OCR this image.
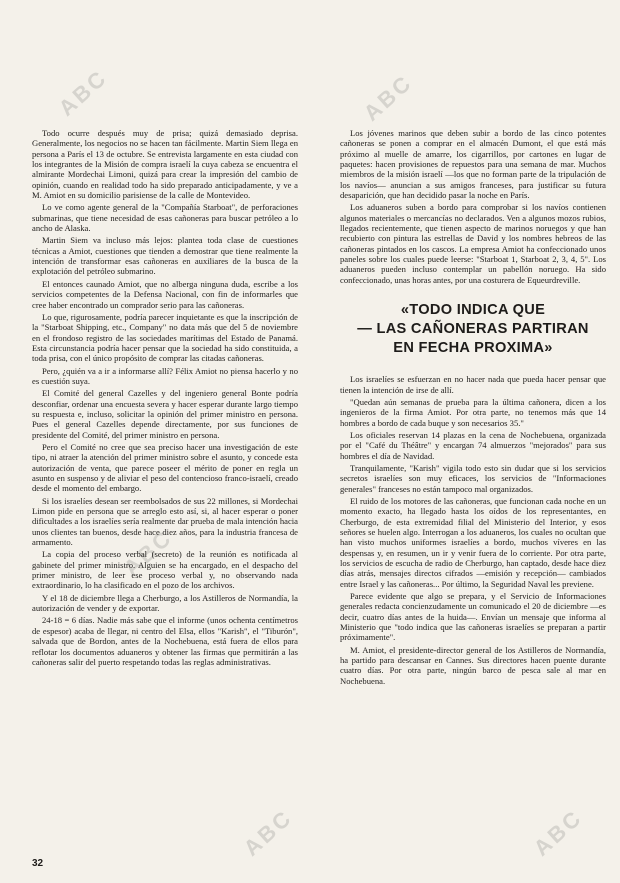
ABC	ABC
ABC
ABC	ABC

Todo ocurre después muy de prisa; quizá demasiado deprisa. Generalmente, los negocios no se hacen tan fácilmente. Martin Siem llega en persona a París el 13 de octubre. Se entrevista largamente en esta ciudad con los integrantes de la Misión de compra israelí la cuya cabeza se encuentra el almirante Mordechai Limoni, quizá para crear la impresión del cambio de opinión, cuando en realidad todo ha sido preparado anticipadamente, y ve a M. Amiot en su domicilio parisiense de la calle de Montevideo.

Lo ve como agente general de la "Compañía Starboat", de perforaciones submarinas, que tiene necesidad de esas cañoneras para buscar petróleo a lo ancho de Alaska.

Martin Siem va incluso más lejos: plantea toda clase de cuestiones técnicas a Amiot, cuestiones que tienden a demostrar que tiene realmente la intención de transformar esas cañoneras en auxiliares de la busca de la explotación del petróleo submarino.

El entonces caunado Amiot, que no alberga ninguna duda, escribe a los servicios competentes de la Defensa Nacional, con fin de informarles que cree haber encontrado un comprador serio para las cañoneras.

Lo que, rigurosamente, podría parecer inquietante es que la inscripción de la "Starboat Shipping, etc., Company" no data más que del 5 de noviembre en el frondoso registro de las sociedades marítimas del Estado de Panamá. Esta circunstancia podría hacer pensar que la sociedad ha sido constituida, a toda prisa, con el único propósito de comprar las citadas cañoneras.

Pero, ¿quién va a ir a informarse allí? Félix Amiot no piensa hacerlo y no es cuestión suya.

El Comité del general Cazelles y del ingeniero general Bonte podría desconfiar, ordenar una encuesta severa y hacer esperar durante largo tiempo su respuesta e, incluso, solicitar la opinión del primer ministro en persona. Pues el general Cazelles depende directamente, por sus funciones de presidente del Comité, del primer ministro en persona.

Pero el Comité no cree que sea preciso hacer una investigación de este tipo, ni atraer la atención del primer ministro sobre el asunto, y concede esta autorización de venta, que parece poseer el mérito de poner en regla un asunto en suspenso y de aliviar el peso del contencioso franco-israelí, creado desde el momento del embargo.

Si los israelíes desean ser reembolsados de sus 22 millones, si Mordechai Limon pide en persona que se arreglo esto así, si, al hacer esperar o poner dificultades a los israelíes sería realmente dar prueba de mala intención hacia unos clientes tan buenos, desde hace diez años, para la industria francesa de armamento.

La copia del proceso verbal (secreto) de la reunión es notificada al gabinete del primer ministro. Alguien se ha encargado, en el despacho del primer ministro, de leer ese proceso verbal y, no observando nada extraordinario, lo ha clasificado en el pozo de los archivos.

Y el 18 de diciembre llega a Cherburgo, a los Astilleros de Normandía, la autorización de vender y de exportar.

24-18 = 6 días. Nadie más sabe que el informe (unos ochenta centímetros de espesor) acaba de llegar, ni centro del Elsa, ellos "Karish", el "Tiburón", salvada que de Bordon, antes de la Nochebuena, está fuera de ellos para reflotar los documentos aduaneros y obtener las firmas que permitirán a las cañoneras salir del puerto respetando todas las reglas administrativas.

Los jóvenes marinos que deben subir a bordo de las cinco potentes cañoneras se ponen a comprar en el almacén Dumont, el que está más próximo al muelle de amarre, los cigarrillos, por cartones en lugar de paquetes: hacen provisiones de repuestos para una semana de mar. Muchos miembros de la misión israelí —los que no forman parte de la tripulación de los navíos— anuncian a sus amigos franceses, para justificar su futura desaparición, que han decidido pasar la noche en París.

Los aduaneros suben a bordo para comprobar si los navíos contienen algunos materiales o mercancías no declarados. Ven a algunos mozos rubios, llegados recientemente, que tienen aspecto de marinos noruegos y que han recubierto con pintura las estrellas de David y los nombres hebreos de las cañoneras pintados en los cascos. La empresa Amiot ha confeccionado unos paneles sobre los cuales puede leerse: "Starboat 1, Starboat 2, 3, 4, 5". Los aduaneros pueden incluso contemplar un pabellón noruego. Ha sido confeccionado, unas horas antes, por una costurera de Equeurdreville.

«TODO INDICA QUE
— LAS CAÑONERAS PARTIRAN
EN FECHA PROXIMA»

Los israelíes se esfuerzan en no hacer nada que pueda hacer pensar que tienen la intención de irse de allí.

"Quedan aún semanas de prueba para la última cañonera, dicen a los ingenieros de la firma Amiot. Por otra parte, no tenemos más que 14 hombres a bordo de cada buque y son necesarios 35."

Los oficiales reservan 14 plazas en la cena de Nochebuena, organizada por el "Café du Théâtre" y encargan 74 almuerzos "mejorados" para sus hombres el día de Navidad.

Tranquilamente, "Karish" vigila todo esto sin dudar que si los servicios secretos israelíes son muy eficaces, los servicios de "Informaciones generales" franceses no están tampoco mal organizados.

El ruido de los motores de las cañoneras, que funcionan cada noche en un momento exacto, ha llegado hasta los oídos de los representantes, en Cherburgo, de esta extremidad filial del Ministerio del Interior, y esos señores se huelen algo. Interrogan a los aduaneros, los cuales no ocultan que han visto muchos uniformes israelíes a bordo, muchos víveres en las despensas y, en resumen, un ir y venir fuera de lo corriente. Por otra parte, los servicios de escucha de radio de Cherburgo, han captado, desde hace diez días atrás, mensajes directos cifrados —emisión y recepción— cambiados entre Israel y las cañoneras... Por último, la Seguridad Naval les previene.

Parece evidente que algo se prepara, y el Servicio de Informaciones generales redacta concienzudamente un comunicado el 20 de diciembre —es decir, cuatro días antes de la huida—. Envían un mensaje que informa al Ministerio que "todo indica que las cañoneras israelíes se preparan a partir próximamente".

M. Amiot, el presidente-director general de los Astilleros de Normandía, ha partido para descansar en Cannes. Sus directores hacen puente durante cuatro días. Por otra parte, ningún barco de pesca sale al mar en Nochebuena.

32
